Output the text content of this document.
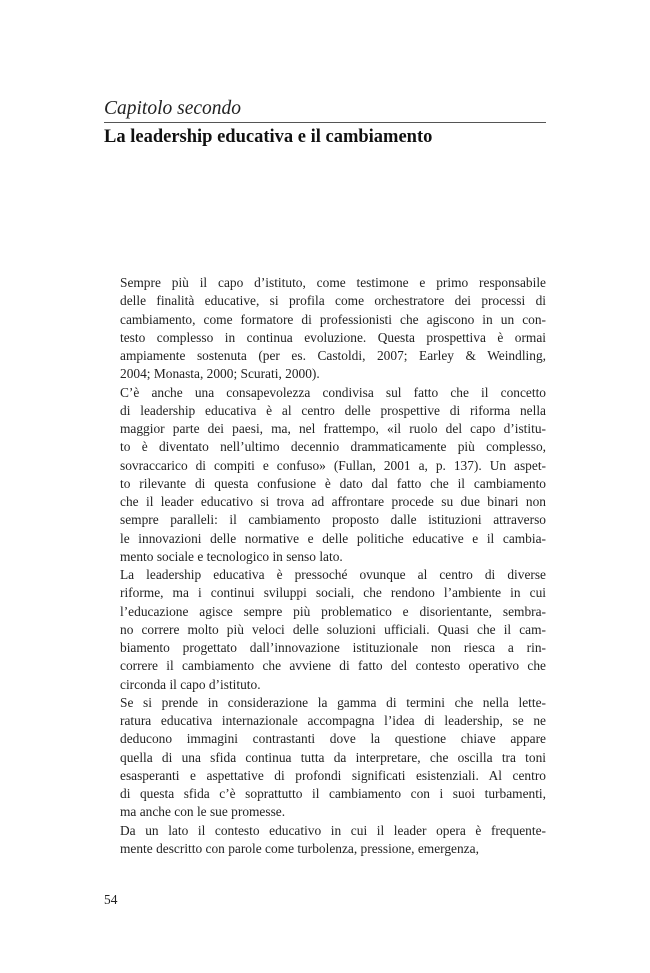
Capitolo secondo
La leadership educativa e il cambiamento
Sempre più il capo d’istituto, come testimone e primo responsabile
delle finalità educative, si profila come orchestratore dei processi di
cambiamento, come formatore di professionisti che agiscono in un con-
testo complesso in continua evoluzione. Questa prospettiva è ormai
ampiamente sostenuta (per es. Castoldi, 2007; Earley & Weindling,
2004; Monasta, 2000; Scurati, 2000).
C’è anche una consapevolezza condivisa sul fatto che il concetto
di leadership educativa è al centro delle prospettive di riforma nella
maggior parte dei paesi, ma, nel frattempo, «il ruolo del capo d’istitu-
to è diventato nell’ultimo decennio drammaticamente più complesso,
sovraccarico di compiti e confuso» (Fullan, 2001 a, p. 137). Un aspet-
to rilevante di questa confusione è dato dal fatto che il cambiamento
che il leader educativo si trova ad affrontare procede su due binari non
sempre paralleli: il cambiamento proposto dalle istituzioni attraverso
le innovazioni delle normative e delle politiche educative e il cambia-
mento sociale e tecnologico in senso lato.
La leadership educativa è pressoché ovunque al centro di diverse
riforme, ma i continui sviluppi sociali, che rendono l’ambiente in cui
l’educazione agisce sempre più problematico e disorientante, sembra-
no correre molto più veloci delle soluzioni ufficiali. Quasi che il cam-
biamento progettato dall’innovazione istituzionale non riesca a rin-
correre il cambiamento che avviene di fatto del contesto operativo che
circonda il capo d’istituto.
Se si prende in considerazione la gamma di termini che nella lette-
ratura educativa internazionale accompagna l’idea di leadership, se ne
deducono immagini contrastanti dove la questione chiave appare
quella di una sfida continua tutta da interpretare, che oscilla tra toni
esasperanti e aspettative di profondi significati esistenziali. Al centro
di questa sfida c’è soprattutto il cambiamento con i suoi turbamenti,
ma anche con le sue promesse.
Da un lato il contesto educativo in cui il leader opera è frequente-
mente descritto con parole come turbolenza, pressione, emergenza,
54
